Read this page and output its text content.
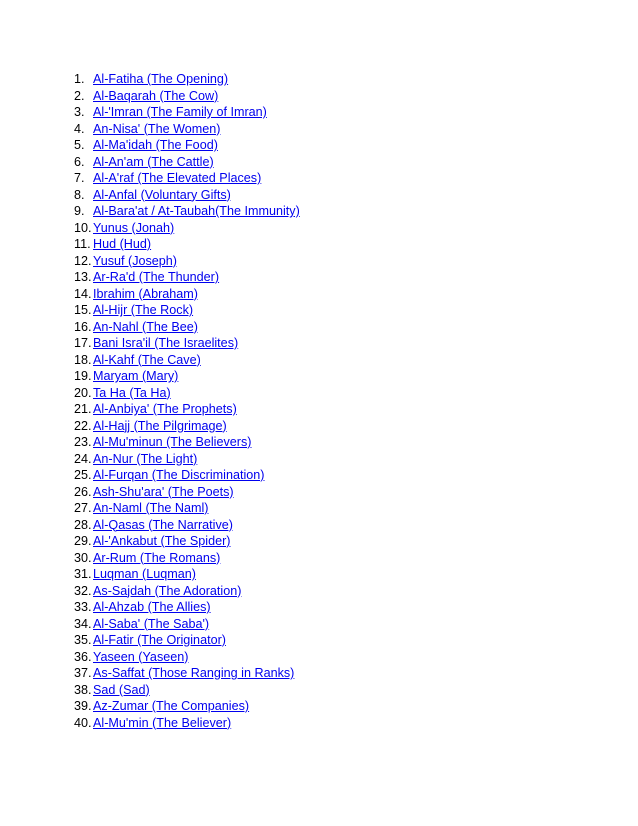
1. Al-Fatiha (The Opening)
2. Al-Baqarah (The Cow)
3. Al-'Imran (The Family of Imran)
4. An-Nisa' (The Women)
5. Al-Ma'idah (The Food)
6. Al-An'am (The Cattle)
7. Al-A'raf (The Elevated Places)
8. Al-Anfal (Voluntary Gifts)
9. Al-Bara'at / At-Taubah(The Immunity)
10. Yunus (Jonah)
11. Hud (Hud)
12. Yusuf (Joseph)
13. Ar-Ra'd (The Thunder)
14. Ibrahim (Abraham)
15. Al-Hijr (The Rock)
16. An-Nahl (The Bee)
17. Bani Isra'il (The Israelites)
18. Al-Kahf (The Cave)
19. Maryam (Mary)
20. Ta Ha (Ta Ha)
21. Al-Anbiya' (The Prophets)
22. Al-Hajj (The Pilgrimage)
23. Al-Mu'minun (The Believers)
24. An-Nur (The Light)
25. Al-Furqan (The Discrimination)
26. Ash-Shu'ara' (The Poets)
27. An-Naml (The Naml)
28. Al-Qasas (The Narrative)
29. Al-'Ankabut (The Spider)
30. Ar-Rum (The Romans)
31. Luqman (Luqman)
32. As-Sajdah (The Adoration)
33. Al-Ahzab (The Allies)
34. Al-Saba' (The Saba')
35. Al-Fatir (The Originator)
36. Yaseen (Yaseen)
37. As-Saffat (Those Ranging in Ranks)
38. Sad (Sad)
39. Az-Zumar (The Companies)
40. Al-Mu'min (The Believer)
